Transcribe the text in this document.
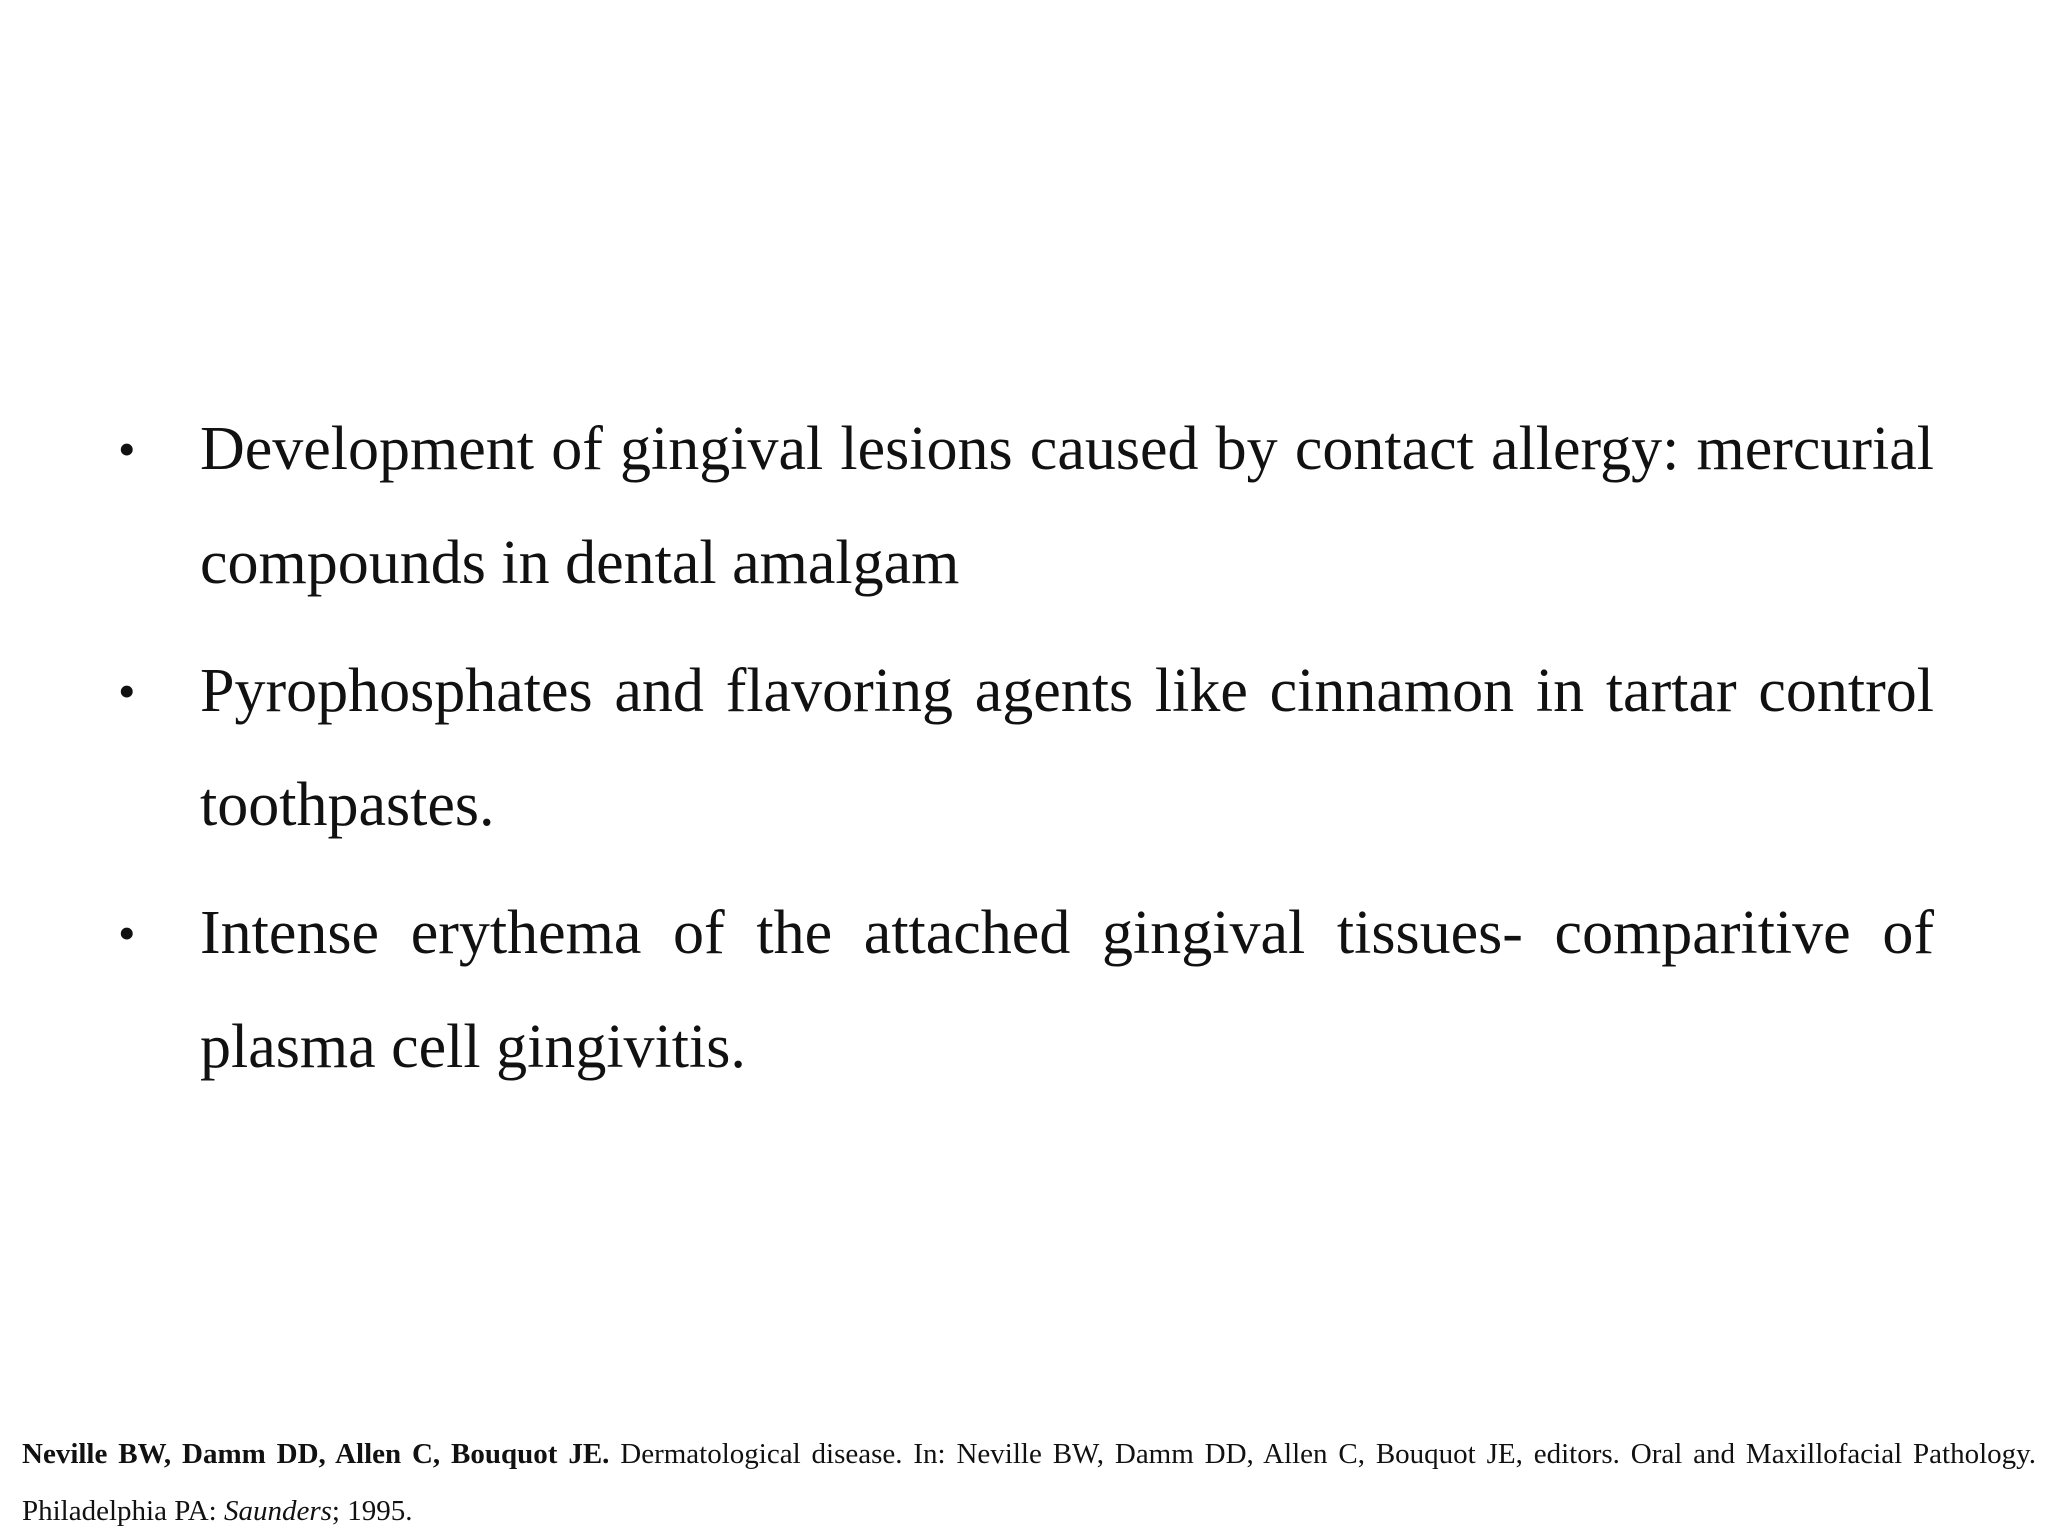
• Development of gingival lesions caused by contact allergy: mercurial compounds in dental amalgam
• Pyrophosphates and flavoring agents like cinnamon in tartar control toothpastes.
• Intense erythema of the attached gingival tissues- comparitive of plasma cell gingivitis.
Neville BW, Damm DD, Allen C, Bouquot JE. Dermatological disease. In: Neville BW, Damm DD, Allen C, Bouquot JE, editors. Oral and Maxillofacial Pathology. Philadelphia PA: Saunders; 1995.
